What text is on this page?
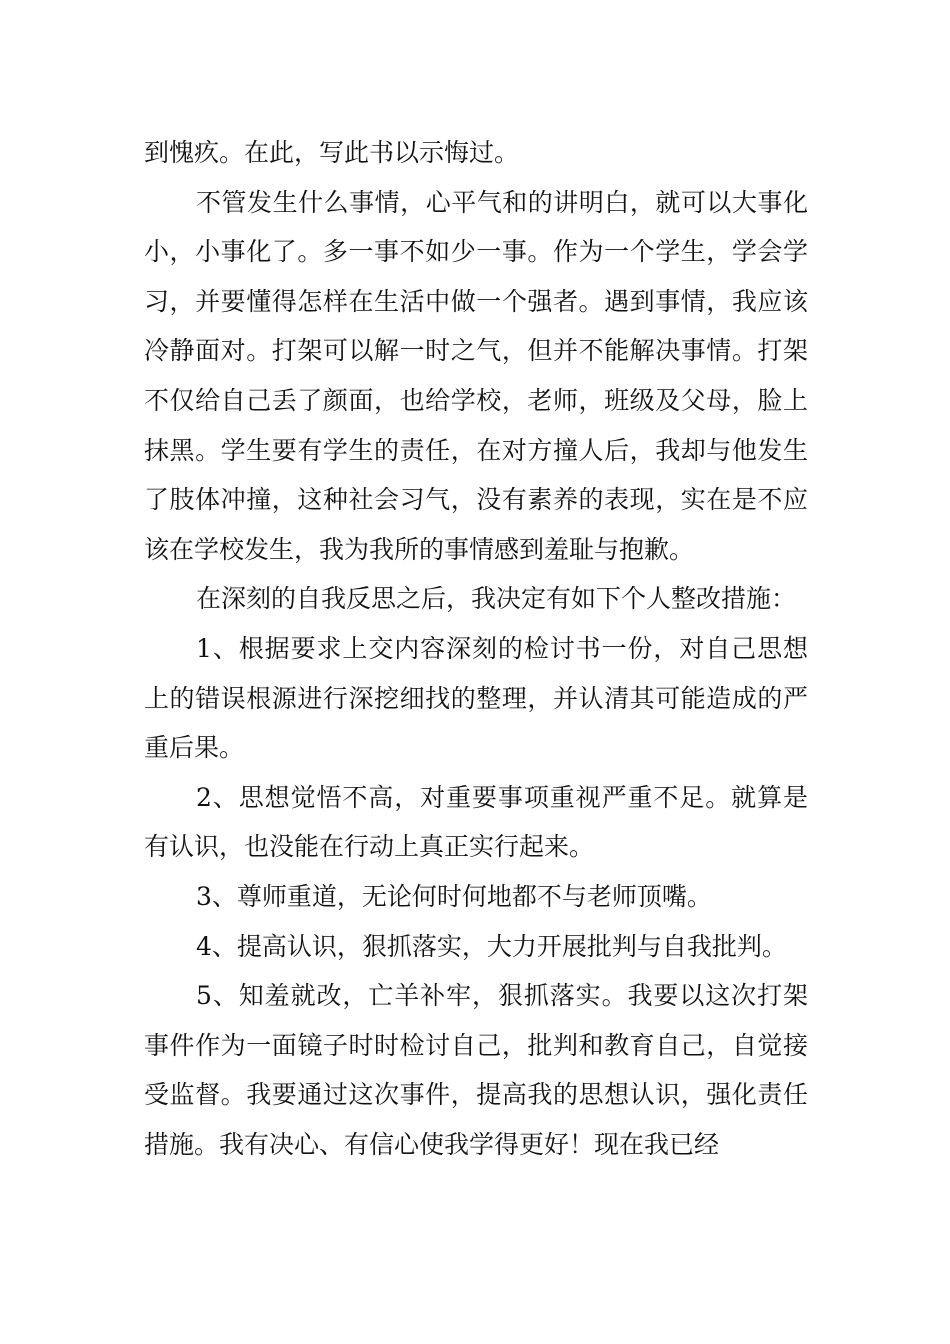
到愧疚。在此，写此书以示悔过。

不管发生什么事情，心平气和的讲明白，就可以大事化小，小事化了。多一事不如少一事。作为一个学生，学会学习，并要懂得怎样在生活中做一个强者。遇到事情，我应该冷静面对。打架可以解一时之气，但并不能解决事情。打架不仅给自己丢了颜面，也给学校，老师，班级及父母，脸上抹黑。学生要有学生的责任，在对方撞人后，我却与他发生了肢体冲撞，这种社会习气，没有素养的表现，实在是不应该在学校发生，我为我所的事情感到羞耻与抱歉。

在深刻的自我反思之后，我决定有如下个人整改措施：

1、根据要求上交内容深刻的检讨书一份，对自己思想上的错误根源进行深挖细找的整理，并认清其可能造成的严重后果。

2、思想觉悟不高，对重要事项重视严重不足。就算是有认识，也没能在行动上真正实行起来。

3、尊师重道，无论何时何地都不与老师顶嘴。

4、提高认识，狠抓落实，大力开展批判与自我批判。

5、知羞就改，亡羊补牢，狠抓落实。我要以这次打架事件作为一面镜子时时检讨自己，批判和教育自己，自觉接受监督。我要通过这次事件，提高我的思想认识，强化责任措施。我有决心、有信心使我学得更好！现在我已经
